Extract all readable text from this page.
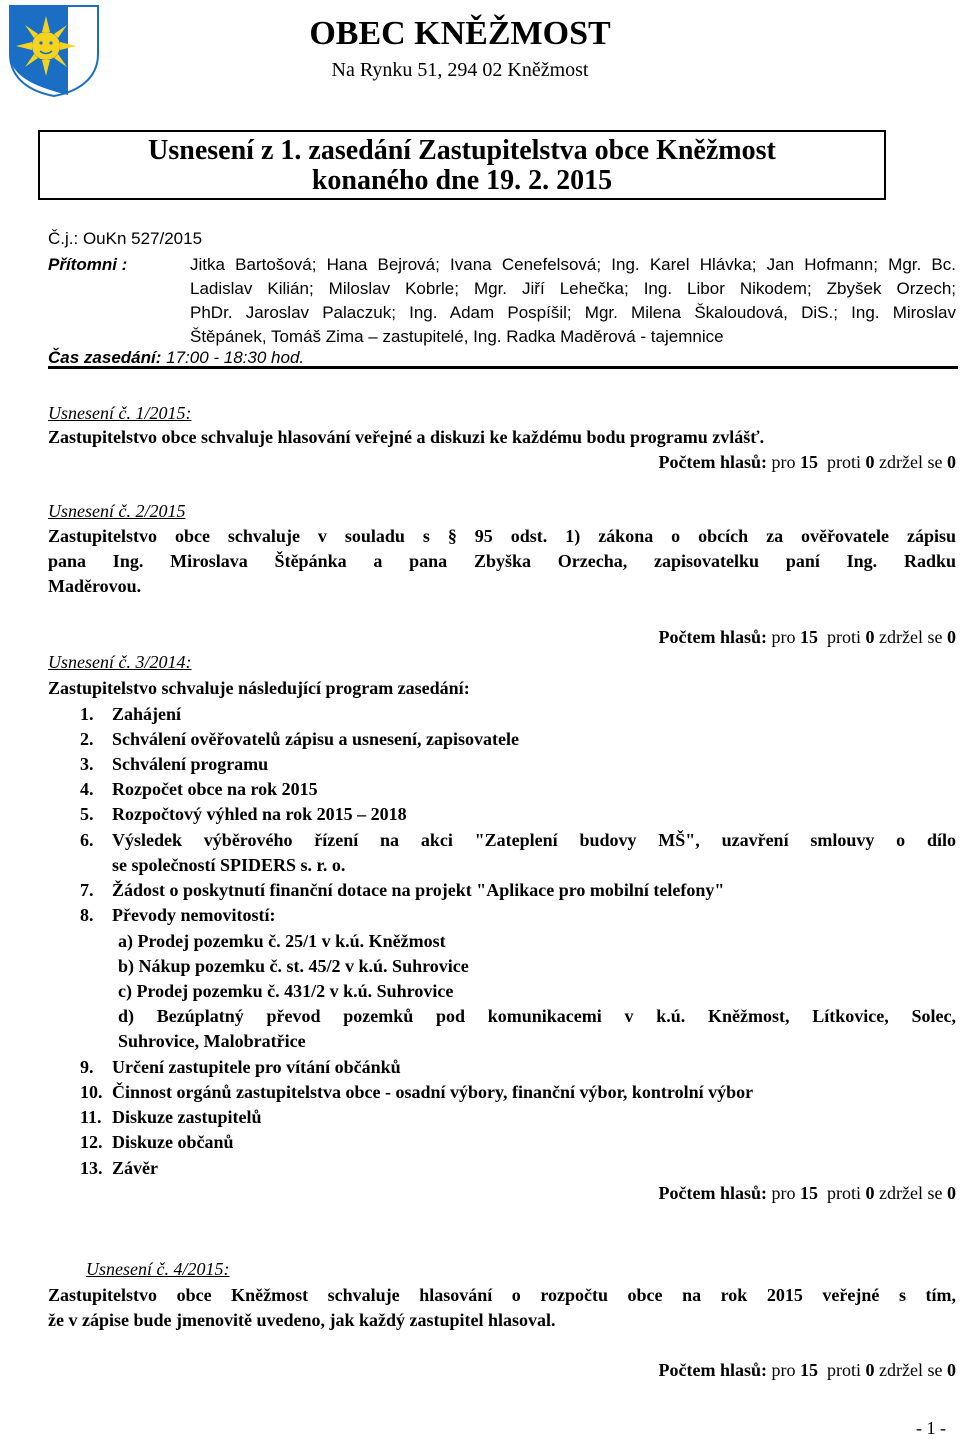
OBEC KNĚŽMOST
Na Rynku 51, 294 02 Kněžmost
Usnesení z 1. zasedání Zastupitelstva obce Kněžmost
konaného dne 19. 2. 2015
Č.j.: OuKn 527/2015
Přítomni :	Jitka Bartošová; Hana Bejrová; Ivana Cenefelsová; Ing. Karel Hlávka; Jan Hofmann; Mgr. Bc.
Ladislav Kilián; Miloslav Kobrle; Mgr. Jiří Lehečka; Ing. Libor Nikodem; Zbyšek Orzech;
PhDr. Jaroslav Palaczuk; Ing. Adam Pospíšil; Mgr. Milena Škaloudová, DiS.; Ing. Miroslav
Štěpánek, Tomáš Zima – zastupitelé, Ing. Radka Maděrová - tajemnice
Čas zasedání: 17:00 - 18:30 hod.
Usnesení č. 1/2015:
Zastupitelstvo obce schvaluje hlasování veřejné a diskuzi ke každému bodu programu zvlášť.
Počtem hlasů: pro 15 proti 0 zdržel se 0
Usnesení č. 2/2015
Zastupitelstvo obce schvaluje v souladu s § 95 odst. 1) zákona o obcích za ověřovatele zápisu
pana Ing. Miroslava Štěpánka a pana Zbyška Orzecha, zapisovatelku paní Ing. Radku
Maděrovou.
Počtem hlasů: pro 15 proti 0 zdržel se 0
Usnesení č. 3/2014:
Zastupitelstvo schvaluje následující program zasedání:
1. Zahájení
2. Schválení ověřovatelů zápisu a usnesení, zapisovatele
3. Schválení programu
4. Rozpočet obce na rok 2015
5. Rozpočtový výhled na rok 2015 – 2018
6. Výsledek výběrového řízení na akci "Zateplení budovy MŠ", uzavření smlouvy o dílo
se společností SPIDERS s. r. o.
7. Žádost o poskytnutí finanční dotace na projekt "Aplikace pro mobilní telefony"
8. Převody nemovitostí:
a) Prodej pozemku č. 25/1 v k.ú. Kněžmost
b) Nákup pozemku č. st. 45/2 v k.ú. Suhrovice
c) Prodej pozemku č. 431/2 v k.ú. Suhrovice
d) Bezúplatný převod pozemků pod komunikacemi v k.ú. Kněžmost, Lítkovice, Solec,
Suhrovice, Malobratřice
9. Určení zastupitele pro vítání občánků
10. Činnost orgánů zastupitelstva obce - osadní výbory, finanční výbor, kontrolní výbor
11. Diskuze zastupitelů
12. Diskuze občanů
13. Závěr
Počtem hlasů: pro 15 proti 0 zdržel se 0
Usnesení č. 4/2015:
Zastupitelstvo obce Kněžmost schvaluje hlasování o rozpočtu obce na rok 2015 veřejné s tím,
že v zápise bude jmenovitě uvedeno, jak každý zastupitel hlasoval.
Počtem hlasů: pro 15 proti 0 zdržel se 0
- 1 -
